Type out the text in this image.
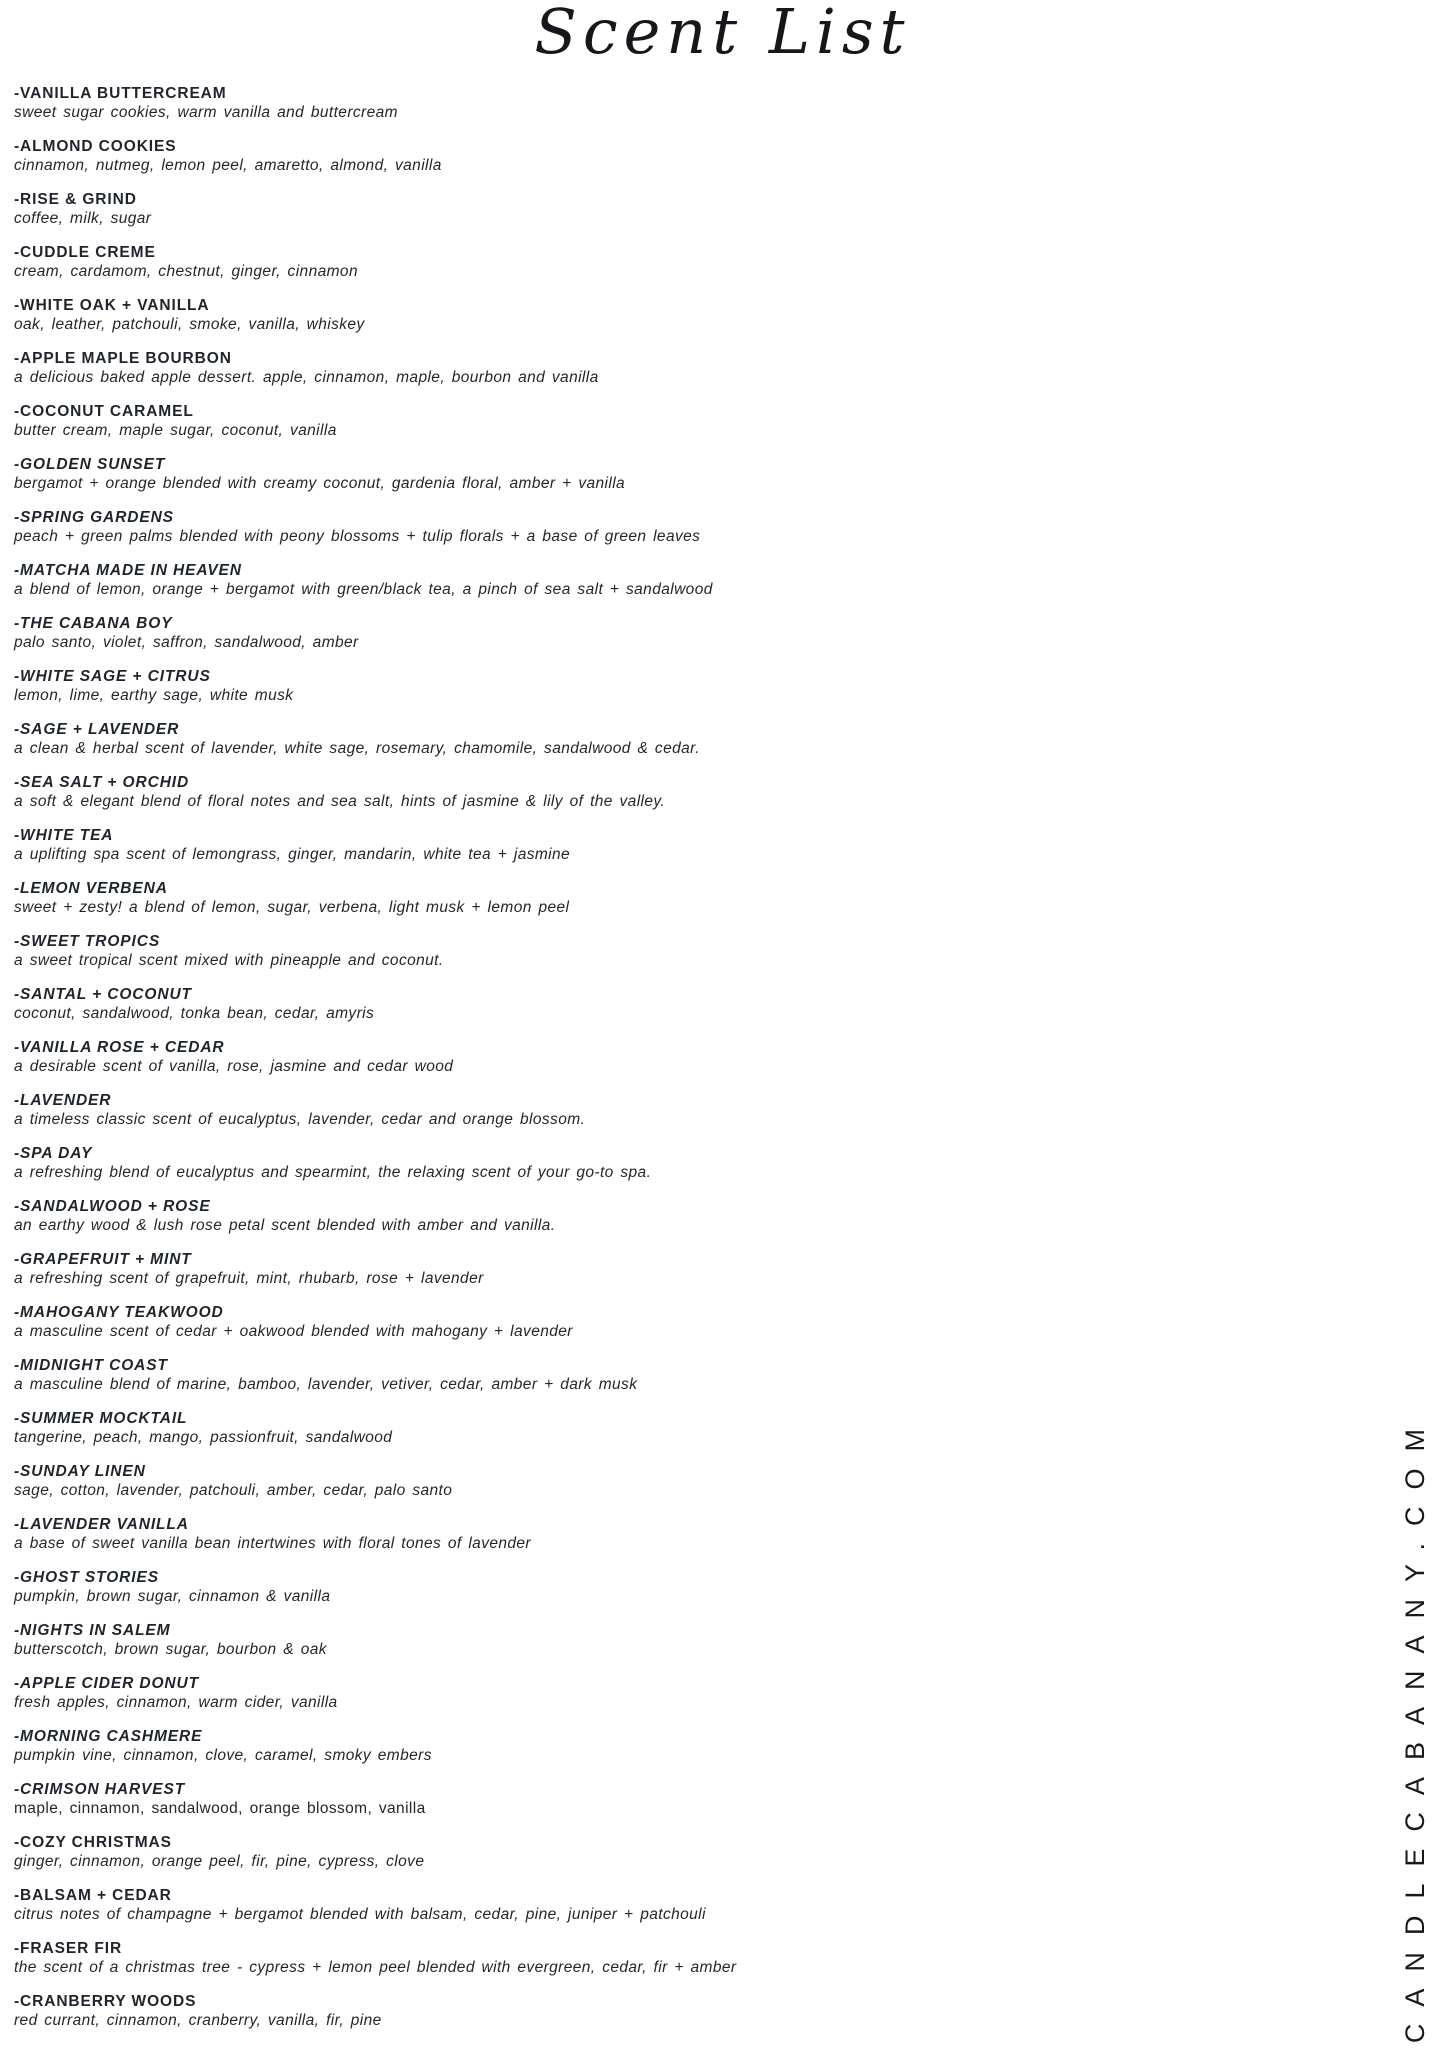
Scent List
-VANILLA BUTTERCREAM
sweet sugar cookies, warm vanilla and buttercream
-ALMOND COOKIES
cinnamon, nutmeg, lemon peel, amaretto, almond, vanilla
-RISE & GRIND
coffee, milk, sugar
-CUDDLE CREME
cream, cardamom, chestnut, ginger, cinnamon
-WHITE OAK + VANILLA
oak, leather, patchouli, smoke, vanilla, whiskey
-APPLE MAPLE BOURBON
a delicious baked apple dessert. apple, cinnamon, maple, bourbon and vanilla
-COCONUT CARAMEL
butter cream, maple sugar, coconut, vanilla
-GOLDEN SUNSET
bergamot + orange blended with creamy coconut, gardenia floral, amber + vanilla
-SPRING GARDENS
peach + green palms blended with peony blossoms + tulip florals + a base of green leaves
-MATCHA MADE IN HEAVEN
a blend of lemon, orange + bergamot with green/black tea, a pinch of sea salt + sandalwood
-THE CABANA BOY
palo santo, violet, saffron, sandalwood, amber
-WHITE SAGE + CITRUS
lemon, lime, earthy sage, white musk
-SAGE + LAVENDER
a clean & herbal scent of lavender, white sage, rosemary, chamomile, sandalwood & cedar.
-SEA SALT + ORCHID
a soft & elegant blend of floral notes and sea salt, hints of jasmine & lily of the valley.
-WHITE TEA
a uplifting spa scent of lemongrass, ginger, mandarin, white tea + jasmine
-LEMON VERBENA
sweet + zesty! a blend of lemon, sugar, verbena, light musk + lemon peel
-SWEET TROPICS
a sweet tropical scent mixed with pineapple and coconut.
-SANTAL + COCONUT
coconut, sandalwood, tonka bean, cedar, amyris
-VANILLA ROSE + CEDAR
a desirable scent of vanilla, rose, jasmine and cedar wood
-LAVENDER
a timeless classic scent of eucalyptus, lavender, cedar and orange blossom.
-SPA DAY
a refreshing blend of eucalyptus and spearmint, the relaxing scent of your go-to spa.
-SANDALWOOD + ROSE
an earthy wood & lush rose petal scent blended with amber and vanilla.
-GRAPEFRUIT + MINT
a refreshing scent of grapefruit, mint, rhubarb, rose + lavender
-MAHOGANY TEAKWOOD
a masculine scent of cedar + oakwood blended with mahogany + lavender
-MIDNIGHT COAST
a masculine blend of marine, bamboo, lavender, vetiver, cedar, amber + dark musk
-SUMMER MOCKTAIL
tangerine, peach, mango, passionfruit, sandalwood
-SUNDAY LINEN
sage, cotton, lavender, patchouli, amber, cedar, palo santo
-LAVENDER VANILLA
a base of sweet vanilla bean intertwines with floral tones of lavender
-GHOST STORIES
pumpkin, brown sugar, cinnamon & vanilla
-NIGHTS IN SALEM
butterscotch, brown sugar, bourbon & oak
-APPLE CIDER DONUT
fresh apples, cinnamon, warm cider, vanilla
-MORNING CASHMERE
pumpkin vine, cinnamon, clove, caramel, smoky embers
-CRIMSON HARVEST
maple, cinnamon, sandalwood, orange blossom, vanilla
-COZY CHRISTMAS
ginger, cinnamon, orange peel, fir, pine, cypress, clove
-BALSAM + CEDAR
citrus notes of champagne + bergamot blended with balsam, cedar, pine, juniper + patchouli
-FRASER FIR
the scent of a christmas tree - cypress + lemon peel blended with evergreen, cedar, fir + amber
-CRANBERRY WOODS
red currant, cinnamon, cranberry, vanilla, fir, pine	CANDLECABANANY.COM
